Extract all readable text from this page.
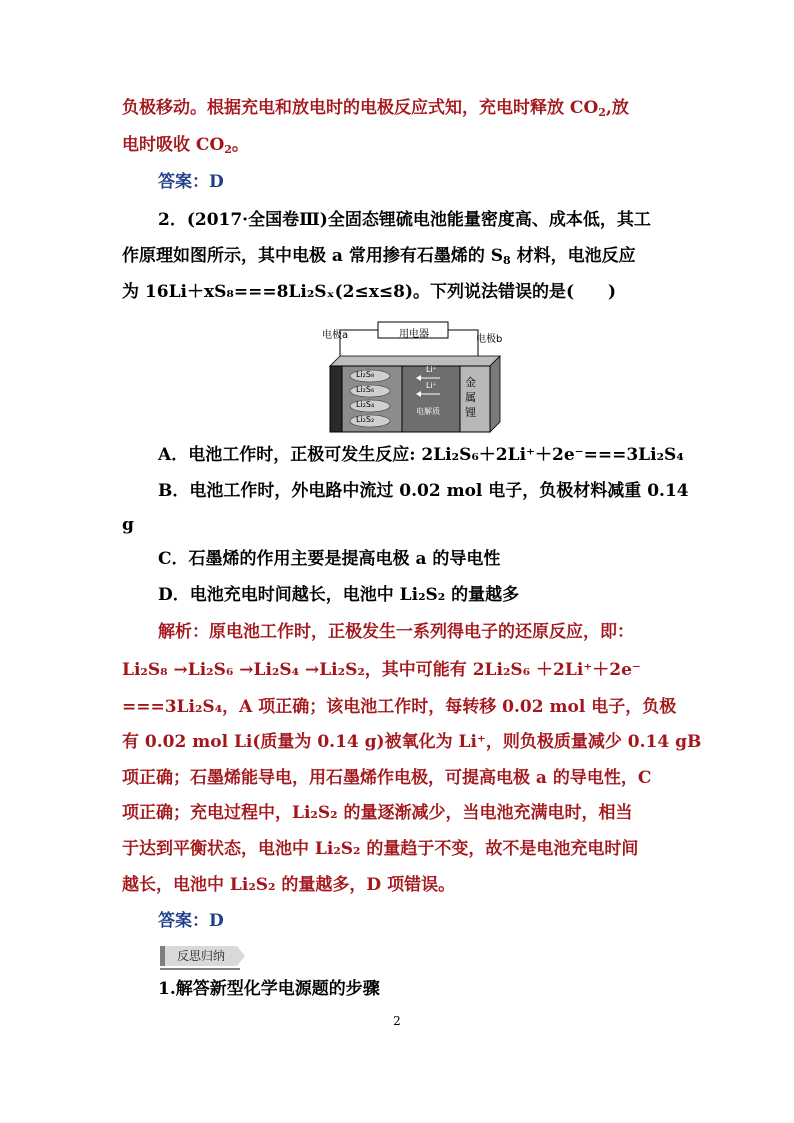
负极移动。根据充电和放电时的电极反应式知，充电时释放 $CO_2$,放
电时吸收 $CO_2$。
答案：D
2．(2017·全国卷Ⅲ)全固态锂硫电池能量密度高、成本低，其工
作原理如图所示，其中电极 a 常用掺有石墨烯的 $S_8$ 材料，电池反应
为 16Li＋xS₈===8Li₂Sₓ(2≤x≤8)。下列说法错误的是(　　)
电极a	电极b
用电器
Li₂S₈
Li₂S₆
Li₂S₄
Li₂S₂
Li⁺
Li⁺
电解质
金
属
锂
A．电池工作时，正极可发生反应: 2Li₂S₆＋2Li⁺＋2e⁻===3Li₂S₄
B．电池工作时，外电路中流过 0.02 mol 电子，负极材料减重 0.14
g
C．石墨烯的作用主要是提高电极 a 的导电性
D．电池充电时间越长，电池中 Li₂S₂ 的量越多
解析：原电池工作时，正极发生一系列得电子的还原反应，即：
Li₂S₈ →Li₂S₆ →Li₂S₄ →Li₂S₂，其中可能有 2Li₂S₆ ＋2Li⁺＋2e⁻
===3Li₂S₄，A 项正确；该电池工作时，每转移 0.02 mol 电子，负极
有 0.02 mol Li(质量为 0.14 g)被氧化为 Li⁺，则负极质量减少 0.14 gB
项正确；石墨烯能导电，用石墨烯作电极，可提高电极 a 的导电性，C
项正确；充电过程中，Li₂S₂ 的量逐渐减少，当电池充满电时，相当
于达到平衡状态，电池中 Li₂S₂ 的量趋于不变，故不是电池充电时间
越长，电池中 Li₂S₂ 的量越多，D 项错误。
答案：D
反思归纳
1.解答新型化学电源题的步骤
2
